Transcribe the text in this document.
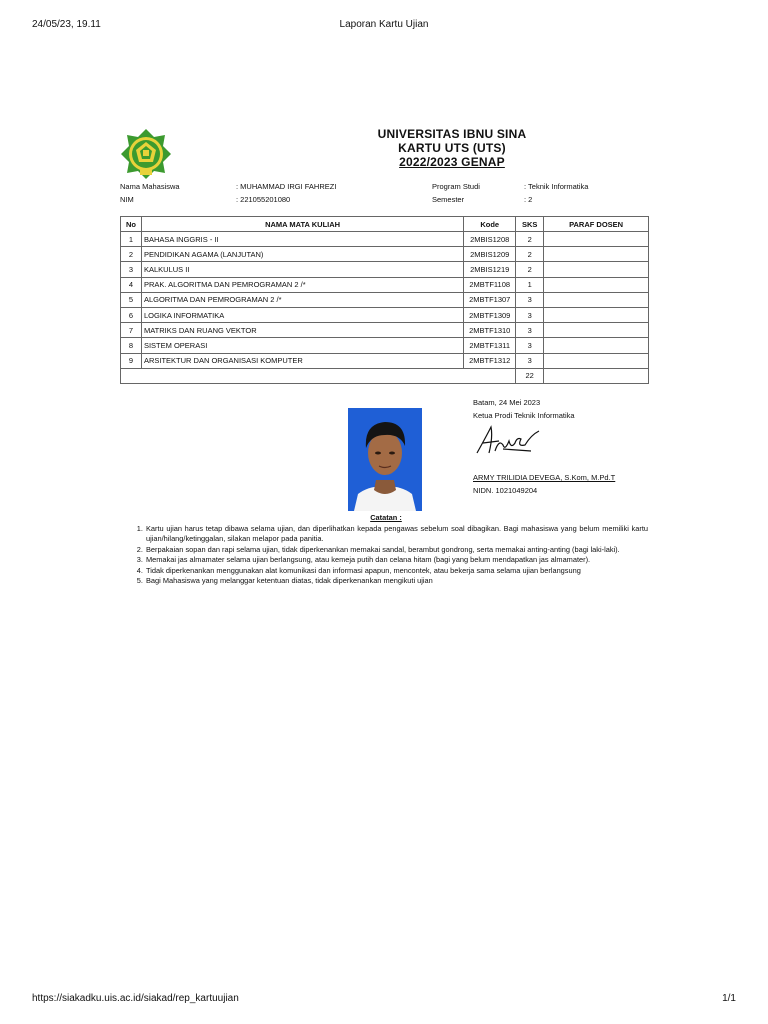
24/05/23, 19.11	Laporan Kartu Ujian
UNIVERSITAS IBNU SINA
KARTU UTS (UTS)
2022/2023 GENAP
Nama Mahasiswa	: MUHAMMAD IRGI FAHREZI	Program Studi	: Teknik Informatika
NIM	: 221055201080	Semester	: 2
No	NAMA MATA KULIAH	Kode	SKS	PARAF DOSEN
1	BAHASA INGGRIS - II	2MBIS1208	2	
2	PENDIDIKAN AGAMA (LANJUTAN)	2MBIS1209	2	
3	KALKULUS II	2MBIS1219	2	
4	PRAK. ALGORITMA DAN PEMROGRAMAN 2 /*	2MBTF1108	1	
5	ALGORITMA DAN PEMROGRAMAN 2 /*	2MBTF1307	3	
6	LOGIKA INFORMATIKA	2MBTF1309	3	
7	MATRIKS DAN RUANG VEKTOR	2MBTF1310	3	
8	SISTEM OPERASI	2MBTF1311	3	
9	ARSITEKTUR DAN ORGANISASI KOMPUTER	2MBTF1312	3	
			22	
Batam, 24 Mei 2023
Ketua Prodi Teknik Informatika
ARMY TRILIDIA DEVEGA, S.Kom, M.Pd.T
NIDN. 1021049204
Catatan :
1. Kartu ujian harus tetap dibawa selama ujian, dan diperlihatkan kepada pengawas sebelum soal dibagikan. Bagi mahasiswa yang belum memiliki kartu ujian/hilang/ketinggalan, silakan melapor pada panitia.
2. Berpakaian sopan dan rapi selama ujian, tidak diperkenankan memakai sandal, berambut gondrong, serta memakai anting-anting (bagi laki-laki).
3. Memakai jas almamater selama ujian berlangsung, atau kemeja putih dan celana hitam (bagi yang belum mendapatkan jas almamater).
4. Tidak diperkenankan menggunakan alat komunikasi dan informasi apapun, mencontek, atau bekerja sama selama ujian berlangsung
5. Bagi Mahasiswa yang melanggar ketentuan diatas, tidak diperkenankan mengikuti ujian
https://siakadku.uis.ac.id/siakad/rep_kartuujian	1/1
